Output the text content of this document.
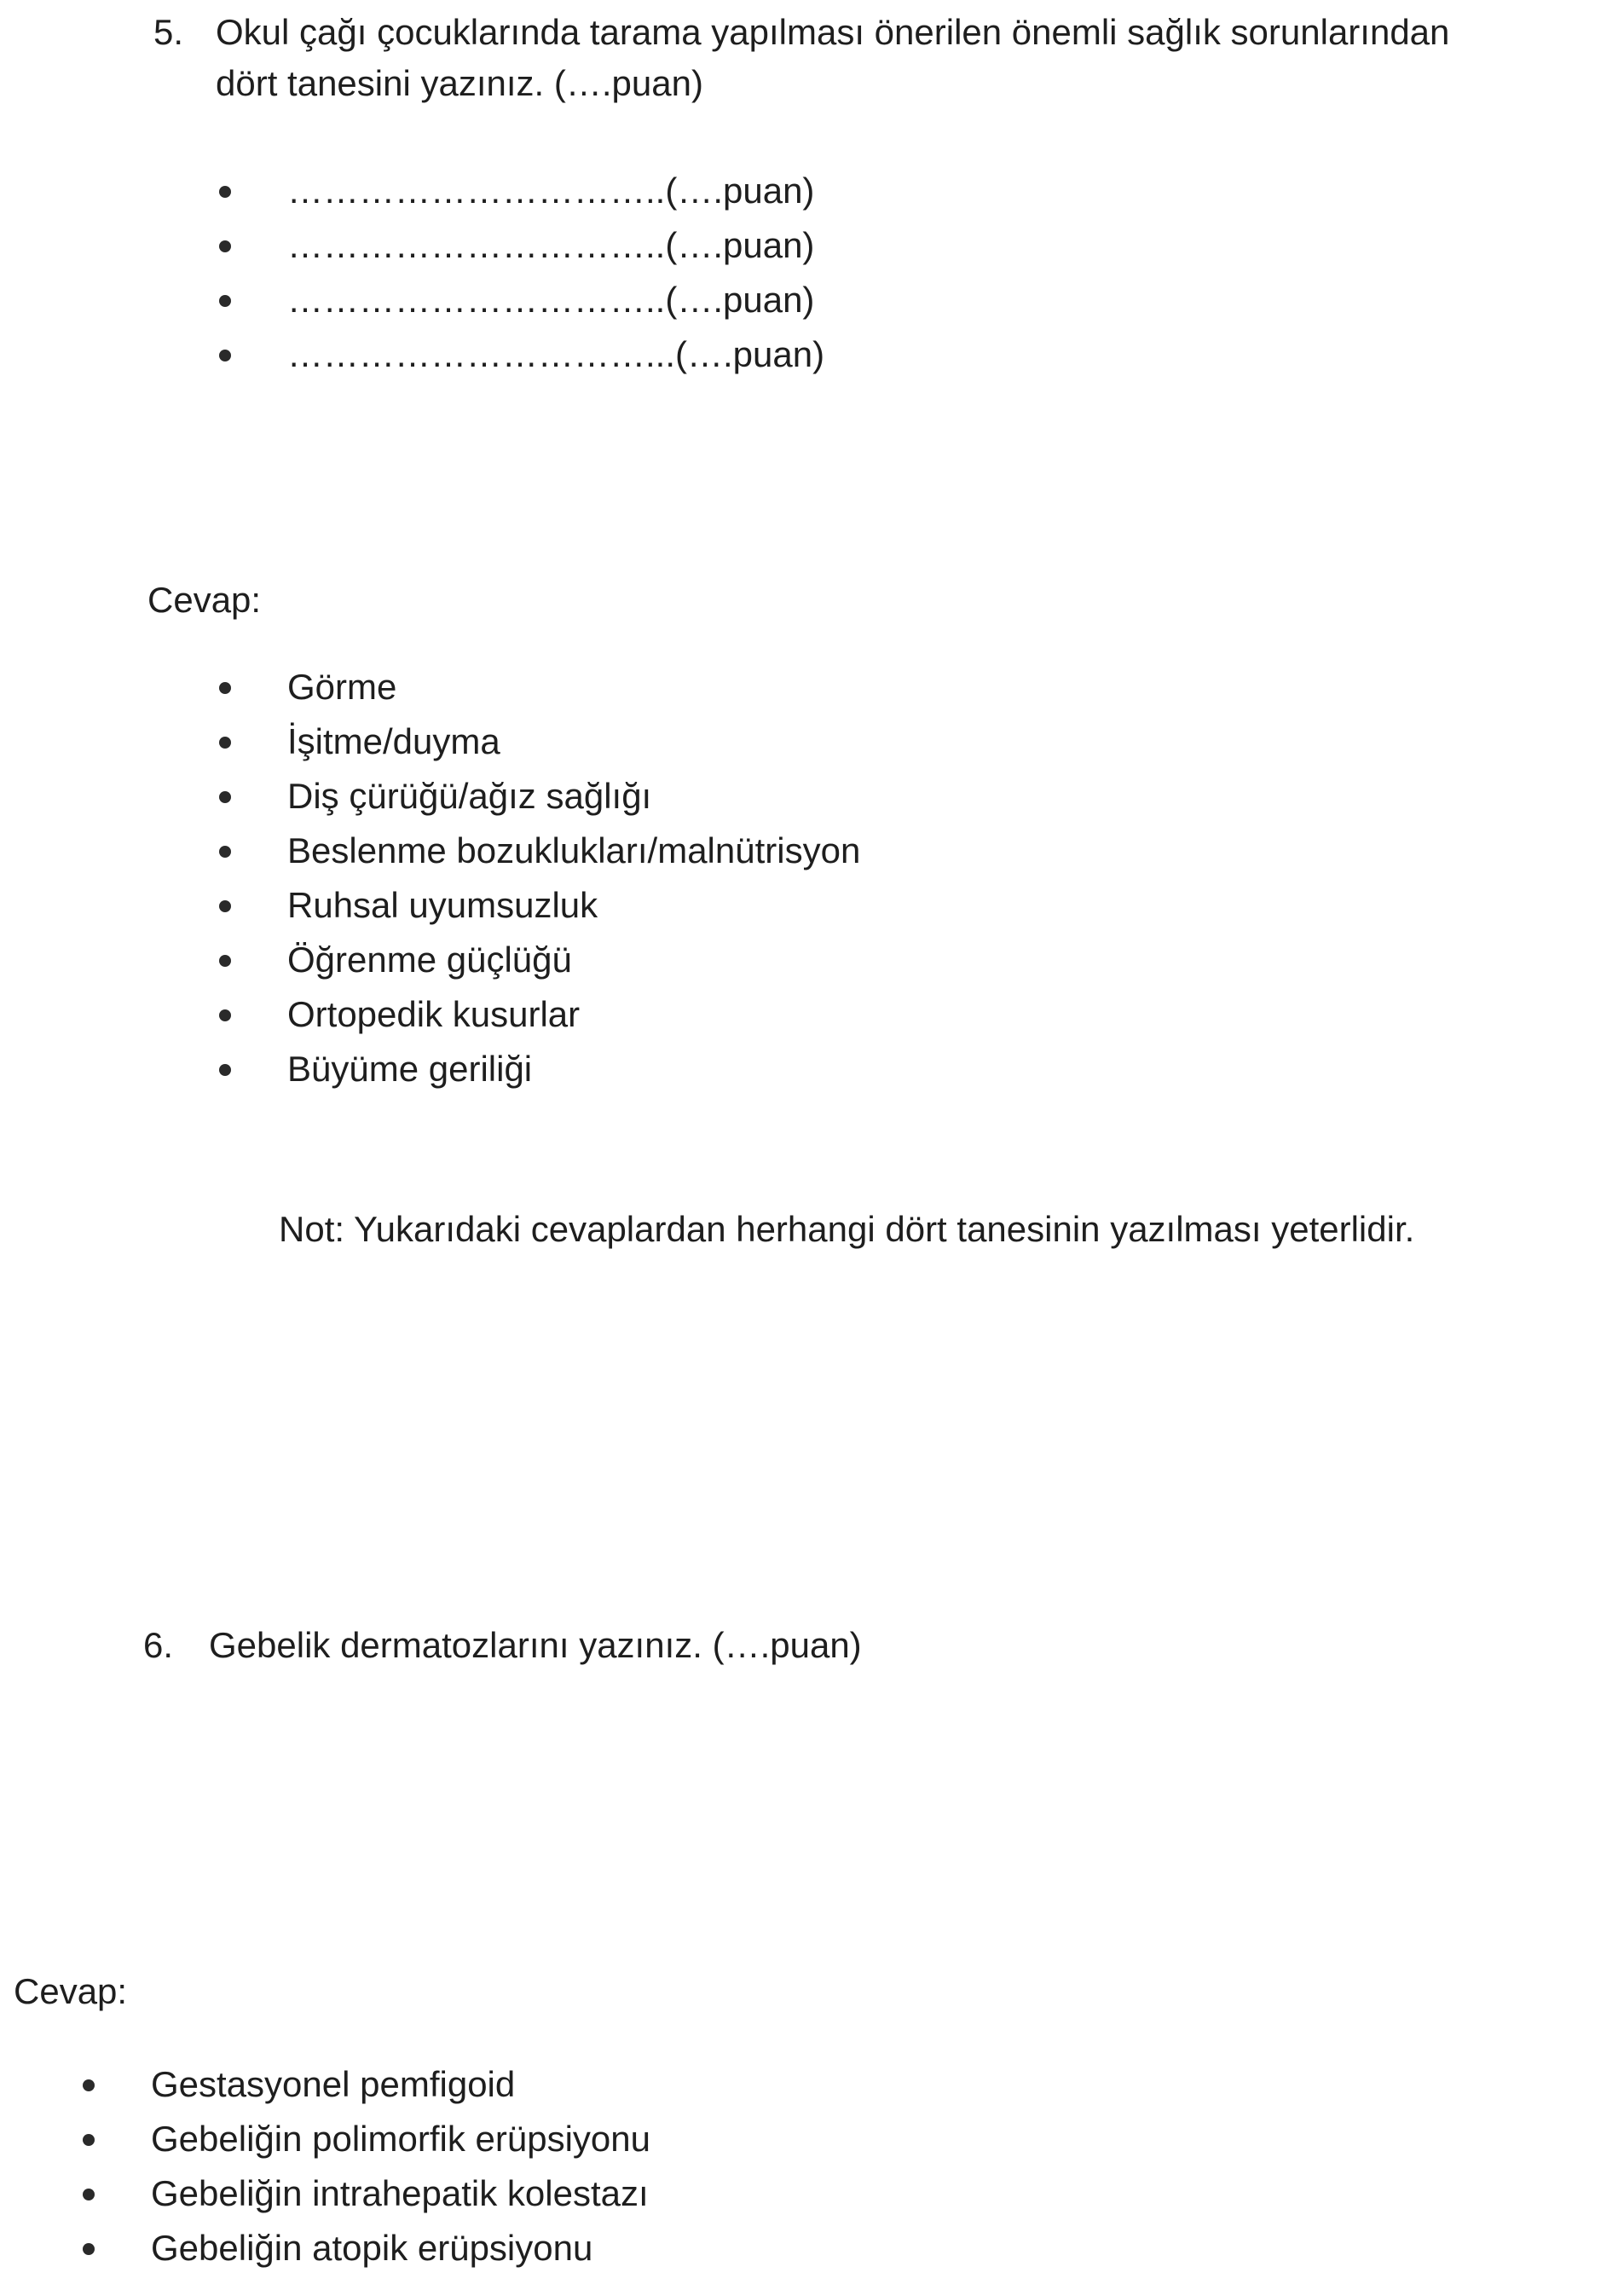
5. Okul çağı çocuklarında tarama yapılması önerilen önemli sağlık sorunlarından
dört tanesini yazınız. (….puan)
…………………………..(….puan)
…………………………..(….puan)
…………………………..(….puan)
…………………………...(….puan)
Cevap:
Görme
İşitme/duyma
Diş çürüğü/ağız sağlığı
Beslenme bozuklukları/malnütrisyon
Ruhsal uyumsuzluk
Öğrenme güçlüğü
Ortopedik kusurlar
Büyüme geriliği
Not: Yukarıdaki cevaplardan herhangi dört tanesinin yazılması yeterlidir.
6. Gebelik dermatozlarını yazınız. (….puan)
Cevap:
Gestasyonel pemfigoid
Gebeliğin polimorfik erüpsiyonu
Gebeliğin intrahepatik kolestazı
Gebeliğin atopik erüpsiyonu
